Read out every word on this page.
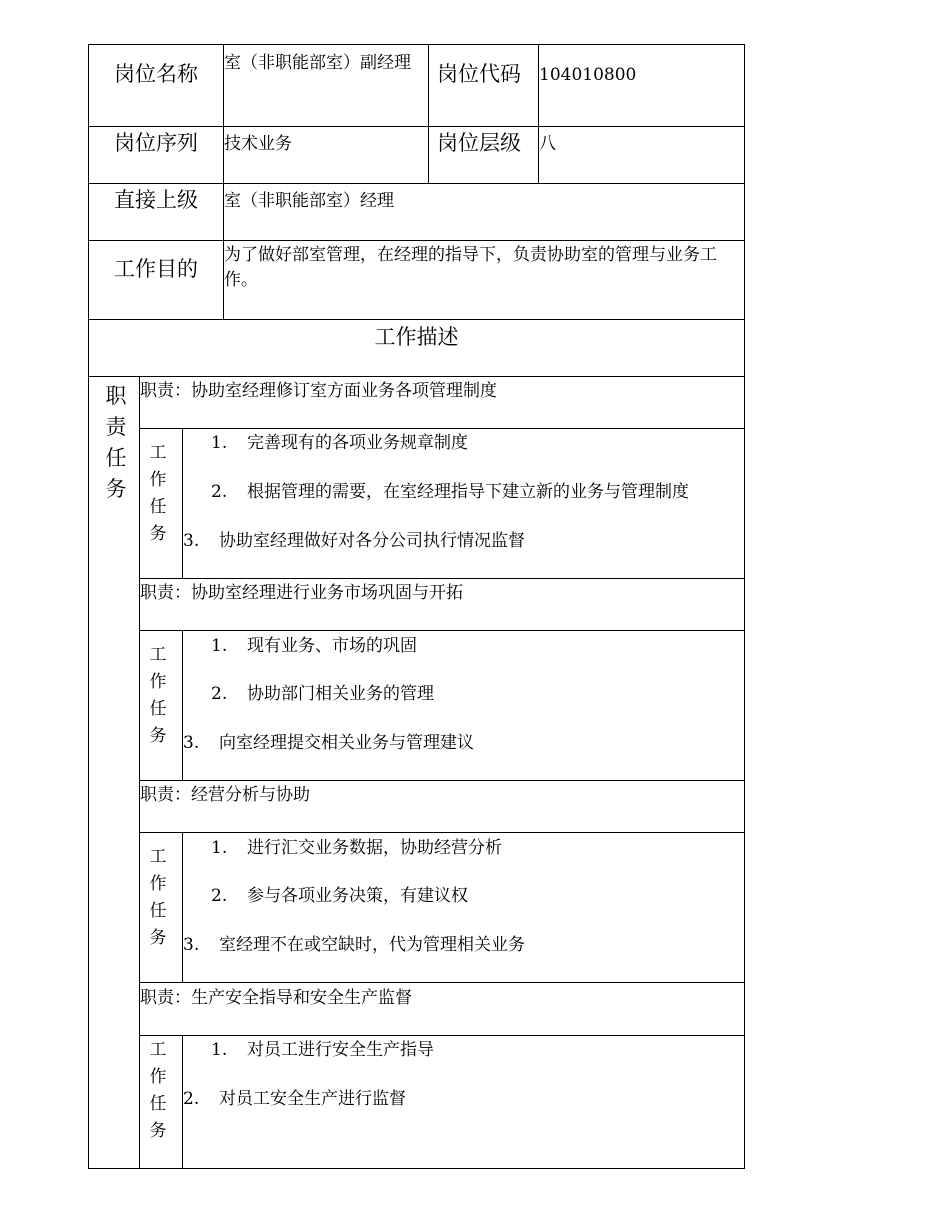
岗位名称 室（非职能部室）副经理	岗位代码 104010800
岗位序列 技术业务	岗位层级 八
直接上级 室（非职能部室）经理
工作目的
为了做好部室管理，在经理的指导下，负责协助室的管理与业务工作。
工作描述
职责任务
职责：协助室经理修订室方面业务各项管理制度
工作任务
1. 完善现有的各项业务规章制度
2. 根据管理的需要，在室经理指导下建立新的业务与管理制度
3. 协助室经理做好对各分公司执行情况监督
职责：协助室经理进行业务市场巩固与开拓
工作任务
1. 现有业务、市场的巩固
2. 协助部门相关业务的管理
3. 向室经理提交相关业务与管理建议
职责：经营分析与协助
工作任务
1. 进行汇交业务数据，协助经营分析
2. 参与各项业务决策，有建议权
3. 室经理不在或空缺时，代为管理相关业务
职责：生产安全指导和安全生产监督
工作任务
1. 对员工进行安全生产指导
2. 对员工安全生产进行监督
